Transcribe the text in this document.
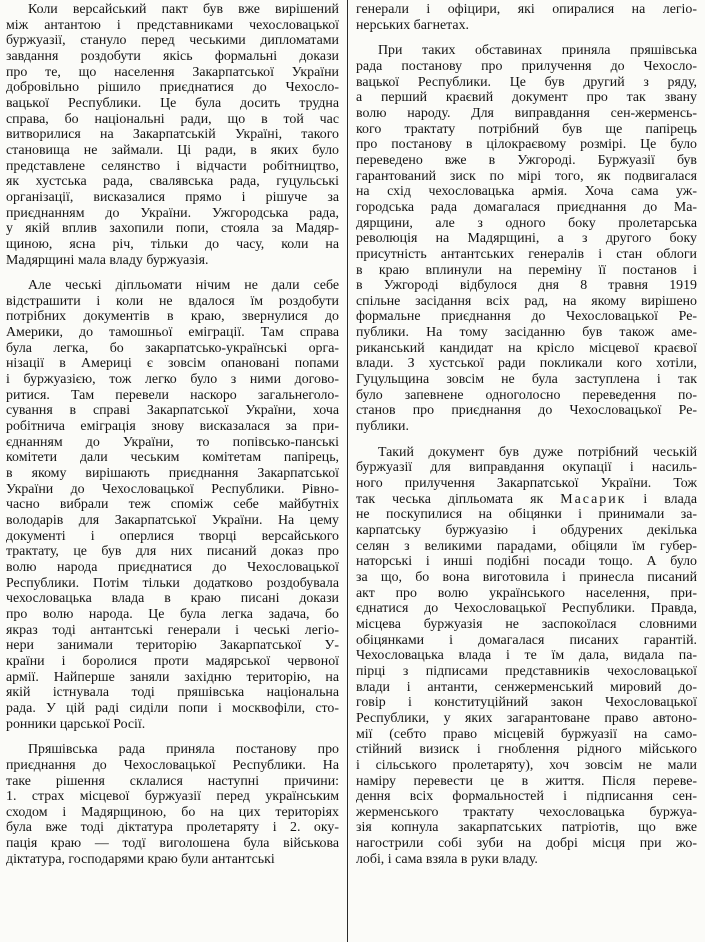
Коли версайський пакт був вже вирішений
між антантою і представниками чехословацької
буржуазії, стануло перед чеськими дипломатами
завдання роздобути якісь формальні докази
про те, що населення Закарпатської України
добровільно рішило приєднатися до Чехосло-
вацької Республики. Це була досить трудна
справа, бо національні ради, що в той час
витворилися на Закарпатській Україні, такого
становища не займали. Ці ради, в яких було
представлене селянство і відчасти робітництво,
як хустська рада, свалявська рада, гуцульські
організації, висказалися прямо і рішуче за
приєднанням до України. Ужгородська рада,
у якій вплив захопили попи, стояла за Мадяр-
щиною, ясна річ, тільки до часу, коли на
Мадярщині мала владу буржуазія.
Але чеські діпльомати нічим не дали себе
відстрашити і коли не вдалося їм роздобути
потрібних документів в краю, звернулися до
Америки, до тамошньої еміграції. Там справа
була легка, бо закарпатсько-українські орга-
нізації в Америці є зовсім опановані попами
і буржуазією, тож легко було з ними догово-
ритися. Там перевели наскоро загальнеголо-
сування в справі Закарпатської України, хоча
робітнича еміграція знову висказалася за при-
єднанням до України, то попівсько-панські
комітети дали чеським комітетам папірець,
в якому вирішають приєднання Закарпатської
України до Чехословацької Республики. Рівно-
часно вибрали теж споміж себе майбутніх
володарів для Закарпатської України. На цему
документі і оперлися творці версайського
трактату, це був для них писаний доказ про
волю народа приєднатися до Чехословацької
Республики. Потім тільки додатково роздобувала
чехословацька влада в краю писані докази
про волю народа. Це була легка задача, бо
якраз тоді антантські генерали і чеські легіо-
нери занимали територію Закарпатської У-
країни і боролися проти мадярської червоної
армії. Найперше заняли західню територію, на
якій істнувала тоді пряшівська національна
рада. У цій раді сиділи попи і москвофіли, сто-
ронники царської Росії.
Пряшівська рада приняла постанову про
приєднання до Чехословацької Республики. На
таке рішення склалися наступні причини:
1. страх місцевої буржуазії перед українським
сходом і Мадярщиною, бо на цих територіях
була вже тоді діктатура пролетаряту і 2. оку-
пація краю — тодї виголошена була військова
діктатура, господарями краю були антантські
генерали і офіцири, які опиралися на легіо-
нерських багнетах.
При таких обставинах приняла пряшівська
рада постанову про прилучення до Чехосло-
вацької Республики. Це був другий з ряду,
а перший краєвий документ про так звану
волю народу. Для виправдання сен-жерменсь-
кого трактату потрібний був ще папірець
про постанову в цілокраєвому розмірі. Це було
переведено вже в Ужгороді. Буржуазії був
гарантований зиск по мірі того, як подвигалася
на схід чехословацька армія. Хоча сама уж-
городська рада домагалася приєднання до Ма-
дярщини, але з одного боку пролетарська
революція на Мадярщині, а з другого боку
присутність антантських генералів і стан облоги
в краю вплинули на переміну її постанов і
в Ужгороді відбулося дня 8 травня 1919
спільне засідання всіх рад, на якому вирішено
формальне приєднання до Чехословацької Ре-
публики. На тому засіданню був також аме-
риканський кандидат на крісло місцевої краєвої
влади. З хустської ради покликали кого хотіли,
Гуцульщина зовсім не була заступлена і так
було запевнене одноголосно переведення по-
станов про приєднання до Чехословацької Ре-
публики.
Такий документ був дуже потрібний чеській
буржуазії для виправдання окупації і насиль-
ного прилучення Закарпатської України. Тож
так чеська діпльомата як Масарик і влада
не поскупилися на обіцянки і принимали за-
карпатську буржуазію і обдурених декілька
селян з великими парадами, обіцяли їм губер-
наторські і инші подібні посади тощо. А було
за що, бо вона виготовила і принесла писаний
акт про волю українського населення, при-
єднатися до Чехословацької Республики. Правда,
місцева буржуазія не заспокоїлася словними
обіцянками і домагалася писаних гарантій.
Чехословацька влада і те їм дала, видала па-
пірці з підписами представників чехословацької
влади і антанти, сенжерменський мировий до-
говір і конституційний закон Чехословацької
Республики, у яких загарантоване право автоно-
мії (себто право місцевій буржуазії на само-
стійний визиск і гноблення рідного мійського
і сільського пролетаряту), хоч зовсім не мали
наміру перевести це в життя. Після переве-
дення всіх формальностей і підписання сен-
жерменського трактату чехословацька буржуа-
зія копнула закарпатських патріотів, що вже
нагострили собі зуби на добрі місця при жо-
лобі, і сама взяла в руки владу.
